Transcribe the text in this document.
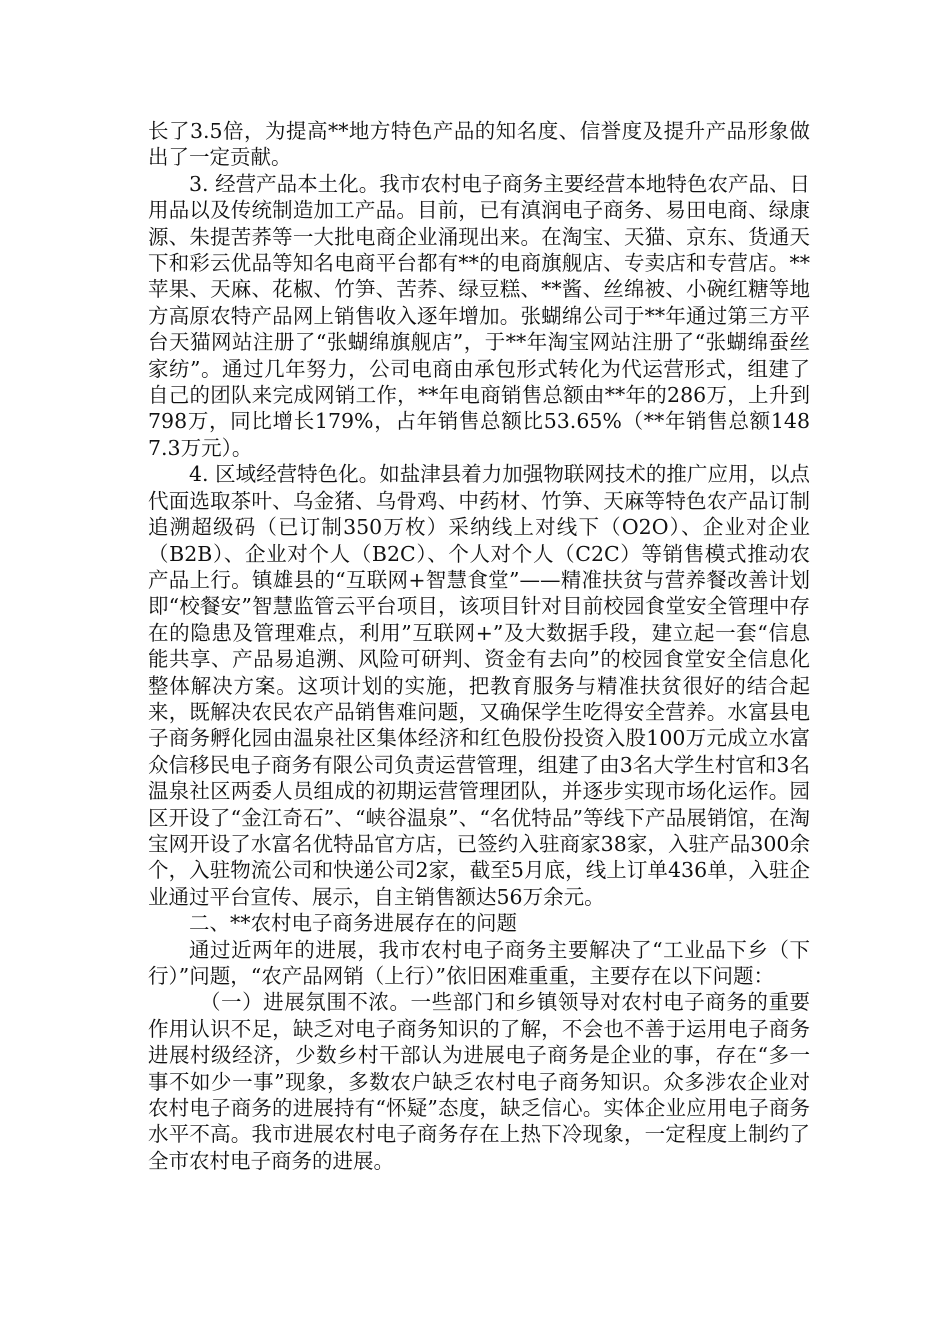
长了3.5倍，为提高**地方特色产品的知名度、信誉度及提升产品形象做出了一定贡献。

3. 经营产品本土化。我市农村电子商务主要经营本地特色农产品、日用品以及传统制造加工产品。目前，已有滇润电子商务、易田电商、绿康源、朱提苦荞等一大批电商企业涌现出来。在淘宝、天猫、京东、货通天下和彩云优品等知名电商平台都有**的电商旗舰店、专卖店和专营店。**苹果、天麻、花椒、竹笋、苦荞、绿豆糕、**酱、丝绵被、小碗红糖等地方高原农特产品网上销售收入逐年增加。张蝴绵公司于**年通过第三方平台天猫网站注册了“张蝴绵旗舰店”，于**年淘宝网站注册了“张蝴绵蚕丝家纺”。通过几年努力，公司电商由承包形式转化为代运营形式，组建了自己的团队来完成网销工作，**年电商销售总额由**年的286万，上升到798万，同比增长179%，占年销售总额比53.65%（**年销售总额1487.3万元）。

4. 区域经营特色化。如盐津县着力加强物联网技术的推广应用，以点代面选取茶叶、乌金猪、乌骨鸡、中药材、竹笋、天麻等特色农产品订制追溯超级码（已订制350万枚）采纳线上对线下（O2O）、企业对企业（B2B）、企业对个人（B2C）、个人对个人（C2C）等销售模式推动农产品上行。镇雄县的“互联网+智慧食堂”——精准扶贫与营养餐改善计划即“校餐安”智慧监管云平台项目，该项目针对目前校园食堂安全管理中存在的隐患及管理难点，利用”互联网+”及大数据手段，建立起一套“信息能共享、产品易追溯、风险可研判、资金有去向”的校园食堂安全信息化整体解决方案。这项计划的实施，把教育服务与精准扶贫很好的结合起来，既解决农民农产品销售难问题，又确保学生吃得安全营养。水富县电子商务孵化园由温泉社区集体经济和红色股份投资入股100万元成立水富众信移民电子商务有限公司负责运营管理，组建了由3名大学生村官和3名温泉社区两委人员组成的初期运营管理团队，并逐步实现市场化运作。园区开设了“金江奇石”、“峡谷温泉”、“名优特品”等线下产品展销馆，在淘宝网开设了水富名优特品官方店，已签约入驻商家38家，入驻产品300余个，入驻物流公司和快递公司2家，截至5月底，线上订单436单，入驻企业通过平台宣传、展示，自主销售额达56万余元。

二、**农村电子商务进展存在的问题

通过近两年的进展，我市农村电子商务主要解决了“工业品下乡（下行）”问题，“农产品网销（上行）”依旧困难重重，主要存在以下问题：

（一）进展氛围不浓。一些部门和乡镇领导对农村电子商务的重要作用认识不足，缺乏对电子商务知识的了解，不会也不善于运用电子商务进展村级经济，少数乡村干部认为进展电子商务是企业的事，存在“多一事不如少一事”现象，多数农户缺乏农村电子商务知识。众多涉农企业对农村电子商务的进展持有“怀疑”态度，缺乏信心。实体企业应用电子商务水平不高。我市进展农村电子商务存在上热下冷现象，一定程度上制约了全市农村电子商务的进展。
